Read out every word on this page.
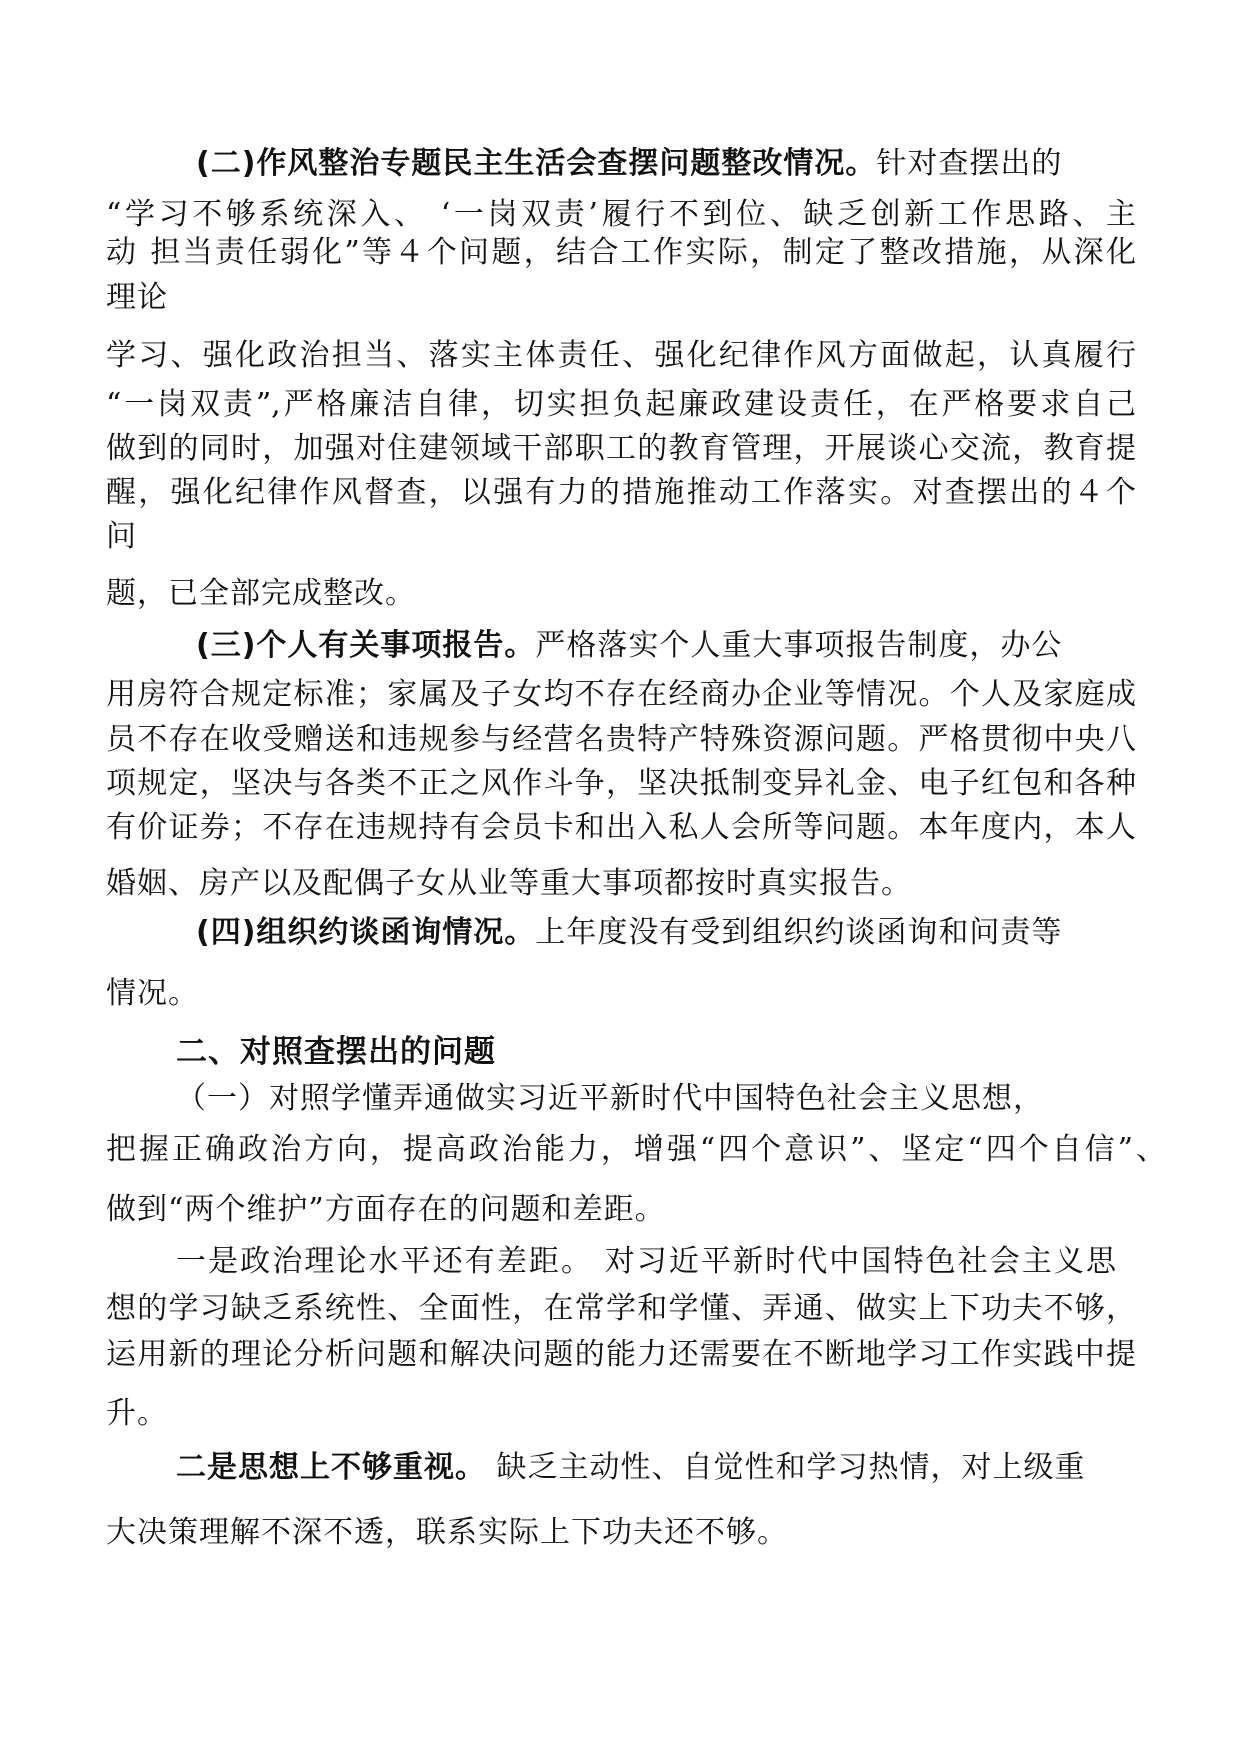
(二)作风整治专题民主生活会查摆问题整改情况。针对查摆出的
“学习不够系统深入、 ‘一岗双责’履行不到位、缺乏创新工作思路、主
动 担当责任弱化”等４个问题，结合工作实际，制定了整改措施，从深化
理论
学习、强化政治担当、落实主体责任、强化纪律作风方面做起，认真履行
“一岗双责”,严格廉洁自律，切实担负起廉政建设责任，在严格要求自己
做到的同时，加强对住建领域干部职工的教育管理，开展谈心交流，教育提
醒，强化纪律作风督查，以强有力的措施推动工作落实。对查摆出的４个
问
题，已全部完成整改。
(三)个人有关事项报告。严格落实个人重大事项报告制度，办公
用房符合规定标准；家属及子女均不存在经商办企业等情况。个人及家庭成
员不存在收受赠送和违规参与经营名贵特产特殊资源问题。严格贯彻中央八
项规定，坚决与各类不正之风作斗争，坚决抵制变异礼金、电子红包和各种
有价证券；不存在违规持有会员卡和出入私人会所等问题。本年度内，本人
婚姻、房产以及配偶子女从业等重大事项都按时真实报告。
(四)组织约谈函询情况。上年度没有受到组织约谈函询和问责等
情况。
二、对照查摆出的问题
（一）对照学懂弄通做实习近平新时代中国特色社会主义思想，
把握正确政治方向，提高政治能力，增强“四个意识”、坚定“四个自信”、
做到“两个维护”方面存在的问题和差距。
一是政治理论水平还有差距。 对习近平新时代中国特色社会主义思
想的学习缺乏系统性、全面性，在常学和学懂、弄通、做实上下功夫不够，
运用新的理论分析问题和解决问题的能力还需要在不断地学习工作实践中提
升。
二是思想上不够重视。 缺乏主动性、自觉性和学习热情，对上级重
大决策理解不深不透，联系实际上下功夫还不够。
